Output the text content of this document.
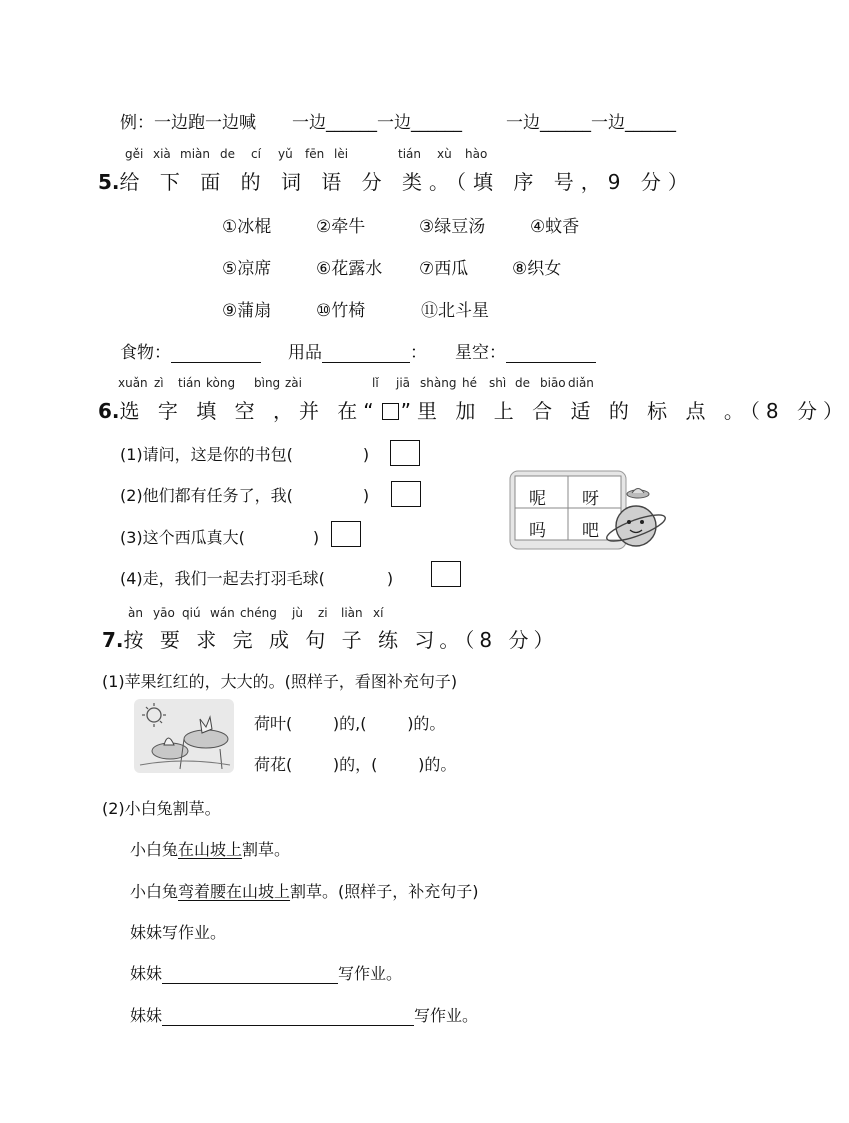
例：一边跑一边喊 一边______一边______	一边______一边______
gěi xià miàn de cí yǔ fēn lèi	tián xù hào
5.给 下 面 的 词 语 分 类。（填 序 号，9 分）
①冰棍	②牵牛	③绿豆汤	④蚊香
⑤凉席	⑥花露水 ⑦西瓜	⑧织女
⑨蒲扇	⑩竹椅	⑪北斗星
食物：	用品	： 星空：
xuǎn zì tián kòng bìng zài	lǐ jiā shàng hé shì de biāo diǎn
6.选 字 填 空 ，并 在“ ”里 加 上 合 适 的 标 点 。（8 分）
(1)请问，这是你的书包(	)
(2)他们都有任务了，我(	)
(3)这个西瓜真大(	)
(4)走，我们一起去打羽毛球(	)
呢 呀
吗 吧
àn yāo qiú wán chéng jù zi liàn xí
7.按 要 求 完 成 句 子 练 习。（8 分）
(1)苹果红红的，大大的。(照样子，看图补充句子)
荷叶(        )的,(        )的。
荷花(        )的，(        )的。
(2)小白兔割草。
小白兔在山坡上割草。
小白兔弯着腰在山坡上割草。(照样子，补充句子)
妹妹写作业。
妹妹	写作业。
妹妹	写作业。
